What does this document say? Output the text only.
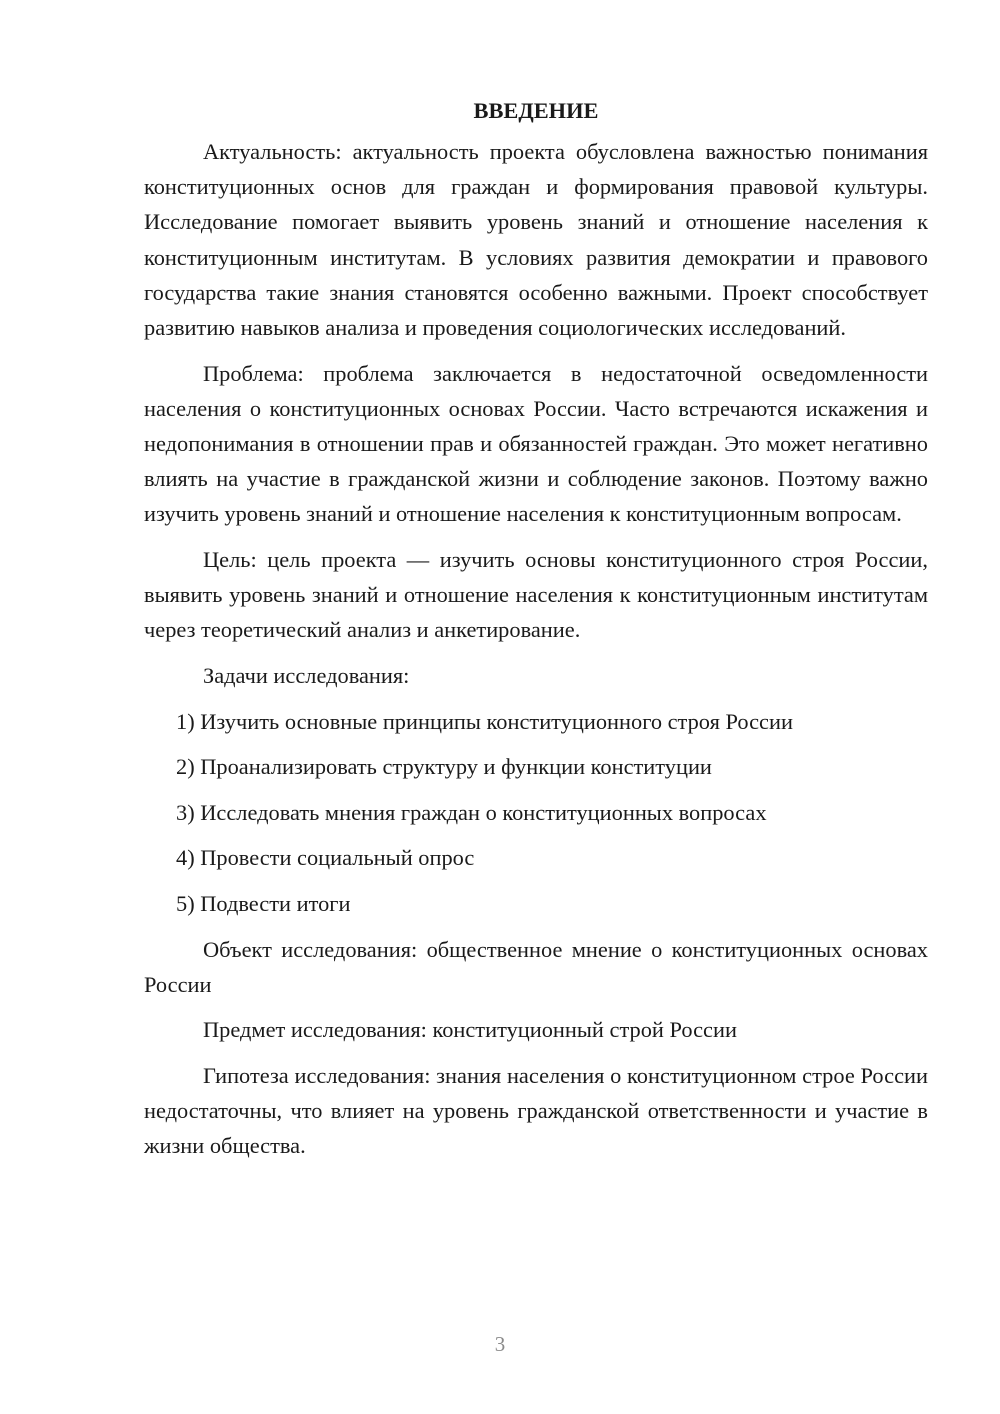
ВВЕДЕНИЕ

Актуальность: актуальность проекта обусловлена важностью понимания конституционных основ для граждан и формирования правовой культуры. Исследование помогает выявить уровень знаний и отношение населения к конституционным институтам. В условиях развития демократии и правового государства такие знания становятся особенно важными. Проект способствует развитию навыков анализа и проведения социологических исследований.

Проблема: проблема заключается в недостаточной осведомленности населения о конституционных основах России. Часто встречаются искажения и недопонимания в отношении прав и обязанностей граждан. Это может негативно влиять на участие в гражданской жизни и соблюдение законов. Поэтому важно изучить уровень знаний и отношение населения к конституционным вопросам.

Цель: цель проекта — изучить основы конституционного строя России, выявить уровень знаний и отношение населения к конституционным институтам через теоретический анализ и анкетирование.

Задачи исследования:

1) Изучить основные принципы конституционного строя России
2) Проанализировать структуру и функции конституции
3) Исследовать мнения граждан о конституционных вопросах
4) Провести социальный опрос
5) Подвести итоги

Объект исследования: общественное мнение о конституционных основах России

Предмет исследования: конституционный строй России

Гипотеза исследования: знания населения о конституционном строе России недостаточны, что влияет на уровень гражданской ответственности и участие в жизни общества.

3
